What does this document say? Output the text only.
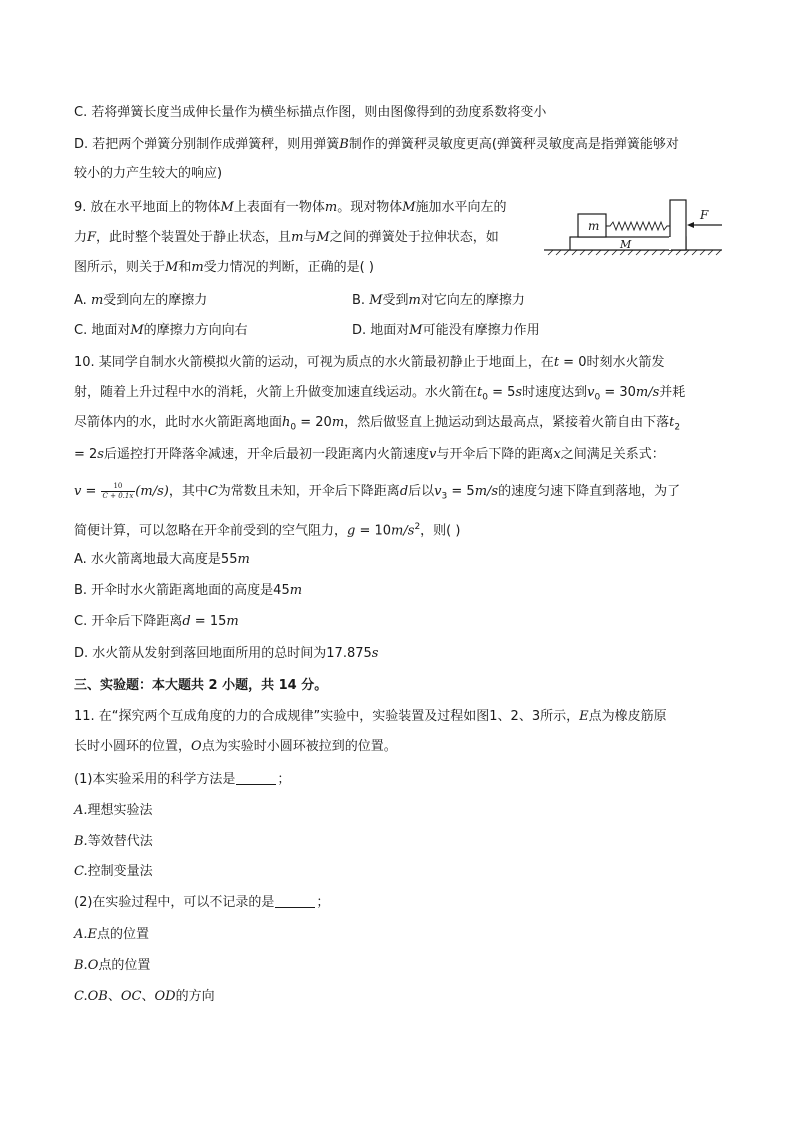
C. 若将弹簧长度当成伸长量作为横坐标描点作图，则由图像得到的劲度系数将变小
D. 若把两个弹簧分别制作成弹簧秤，则用弹簧B制作的弹簧秤灵敏度更高(弹簧秤灵敏度高是指弹簧能够对
较小的力产生较大的响应)
9. 放在水平地面上的物体M上表面有一物体m。现对物体M施加水平向左的
力F，此时整个装置处于静止状态，且m与M之间的弹簧处于拉伸状态，如
图所示，则关于M和m受力情况的判断，正确的是( )
m
M
F
A. m受到向左的摩擦力	B. M受到m对它向左的摩擦力
C. 地面对M的摩擦力方向向右	D. 地面对M可能没有摩擦力作用
10. 某同学自制水火箭模拟火箭的运动，可视为质点的水火箭最初静止于地面上，在t = 0时刻水火箭发
射，随着上升过程中水的消耗，火箭上升做变加速直线运动。水火箭在$t_0 = 5s$时速度达到$v_0 = 30m/s$并耗
尽箭体内的水，此时水火箭距离地面$h_0 = 20m$，然后做竖直上抛运动到达最高点，紧接着火箭自由下落$t_2$
= 2s后遥控打开降落伞减速，开伞后最初一段距离内火箭速度v与开伞后下降的距离x之间满足关系式：
$v = \frac{10}{C + 0.1x} (m/s)$，其中C为常数且未知，开伞后下降距离d后以$v_3 = 5m/s$的速度匀速下降直到落地，为了
简便计算，可以忽略在开伞前受到的空气阻力，$g = 10m/s^2$，则( )
A. 水火箭离地最大高度是55m
B. 开伞时水火箭距离地面的高度是45m
C. 开伞后下降距离d = 15m
D. 水火箭从发射到落回地面所用的总时间为17.875s
三、实验题：本大题共 2 小题，共 14 分。
11. 在“探究两个互成角度的力的合成规律”实验中，实验装置及过程如图1、2、3所示，E点为橡皮筋原
长时小圆环的位置，O点为实验时小圆环被拉到的位置。
(1)本实验采用的科学方法是	；
A.理想实验法
B.等效替代法
C.控制变量法
(2)在实验过程中，可以不记录的是	；
A.E点的位置
B.O点的位置
C.OB、OC、OD的方向
